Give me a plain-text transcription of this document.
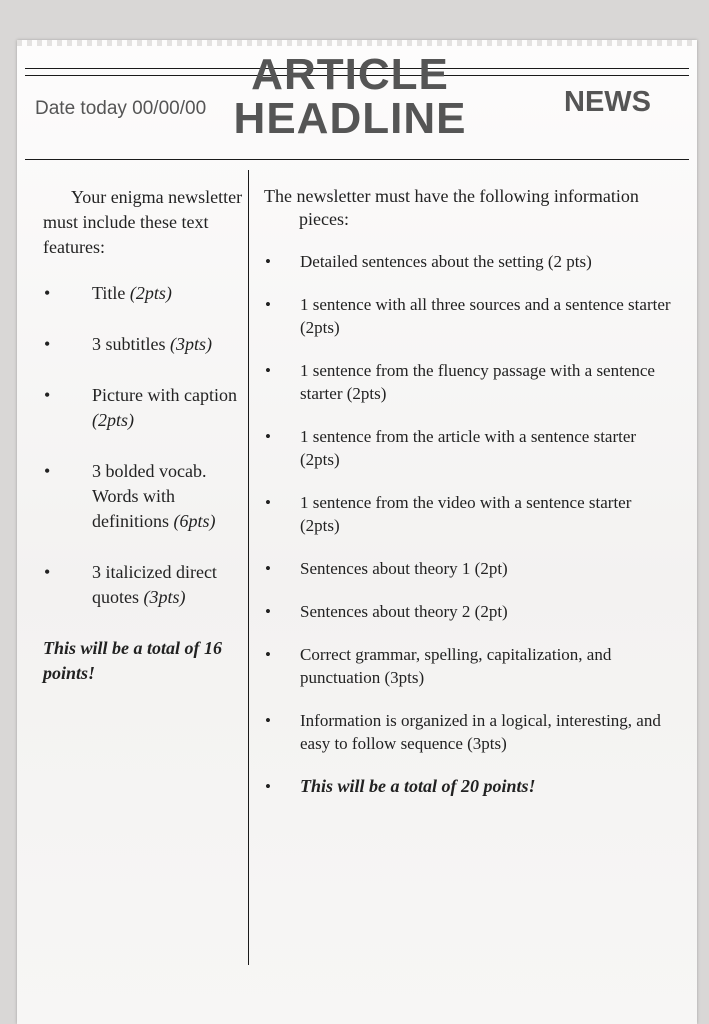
ARTICLE HEADLINE
Date today 00/00/00	NEWS

Your enigma newsletter must include these text features:

•	Title (2pts)
•	3 subtitles (3pts)
•	Picture with caption (2pts)
•	3 bolded vocab. Words with definitions (6pts)
•	3 italicized direct quotes (3pts)
This will be a total of 16 points!

The newsletter must have the following information pieces:

•	Detailed sentences about the setting (2 pts)
•	1 sentence with all three sources and a sentence starter (2pts)
•	1 sentence from the fluency passage with a sentence starter (2pts)
•	1 sentence from the article with a sentence starter (2pts)
•	1 sentence from the video with a sentence starter (2pts)
•	Sentences about theory 1 (2pt)
•	Sentences about theory 2 (2pt)
•	Correct grammar, spelling, capitalization, and punctuation (3pts)
•	Information is organized in a logical, interesting, and easy to follow sequence (3pts)
•	This will be a total of 20 points!
